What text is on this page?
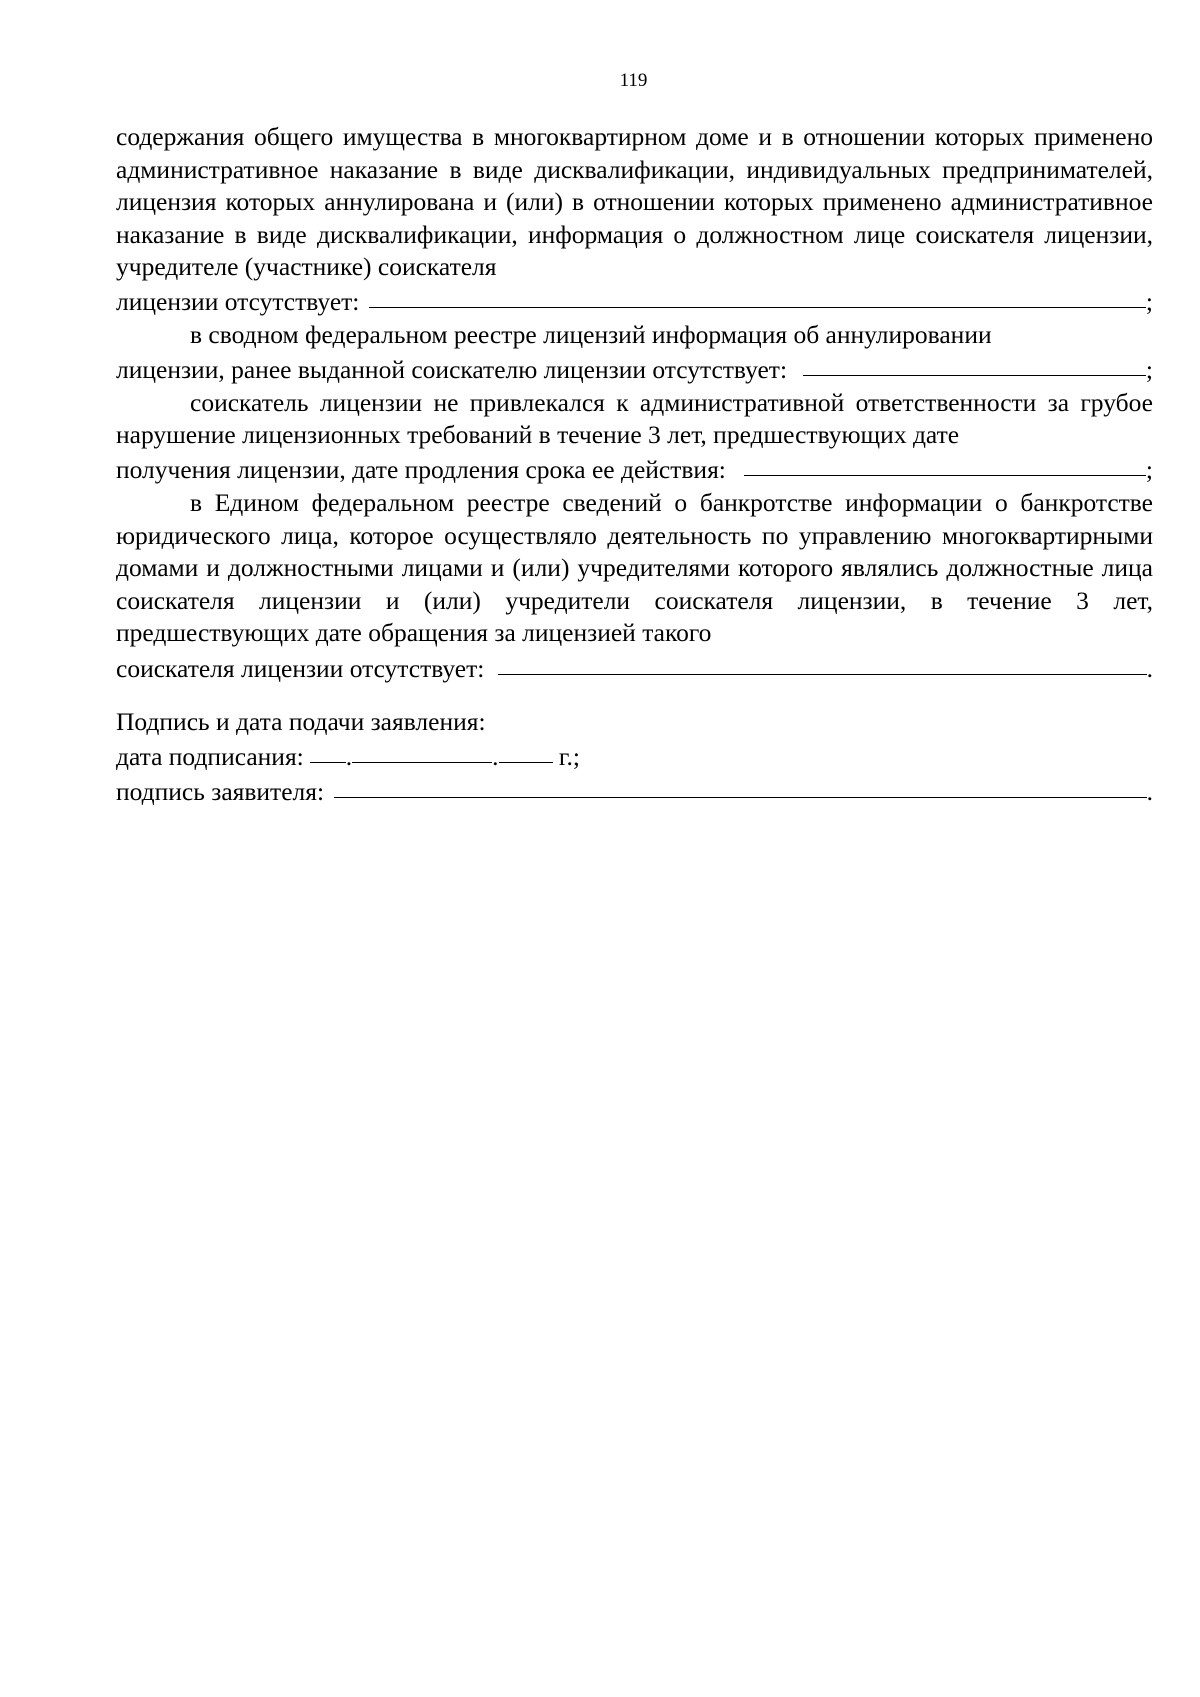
119

содержания общего имущества в многоквартирном доме и в отношении которых применено административное наказание в виде дисквалификации, индивидуальных предпринимателей, лицензия которых аннулирована и (или) в отношении которых применено административное наказание в виде дисквалификации, информация о должностном лице соискателя лицензии, учредителе (участнике) соискателя

лицензии отсутствует:	;

в сводном федеральном реестре лицензий информация об аннулировании

лицензии, ранее выданной соискателю лицензии отсутствует:	;

соискатель лицензии не привлекался к административной ответственности за грубое нарушение лицензионных требований в течение 3 лет, предшествующих дате

получения лицензии, дате продления срока ее действия:	;

в Едином федеральном реестре сведений о банкротстве информации о банкротстве юридического лица, которое осуществляло деятельность по управлению многоквартирными домами и должностными лицами и (или) учредителями которого являлись должностные лица соискателя лицензии и (или) учредители соискателя лицензии, в течение 3 лет, предшествующих дате обращения за лицензией такого

соискателя лицензии отсутствует:	.

Подпись и дата подачи заявления:

дата подписания: .	. г.;
подпись заявителя:	.
